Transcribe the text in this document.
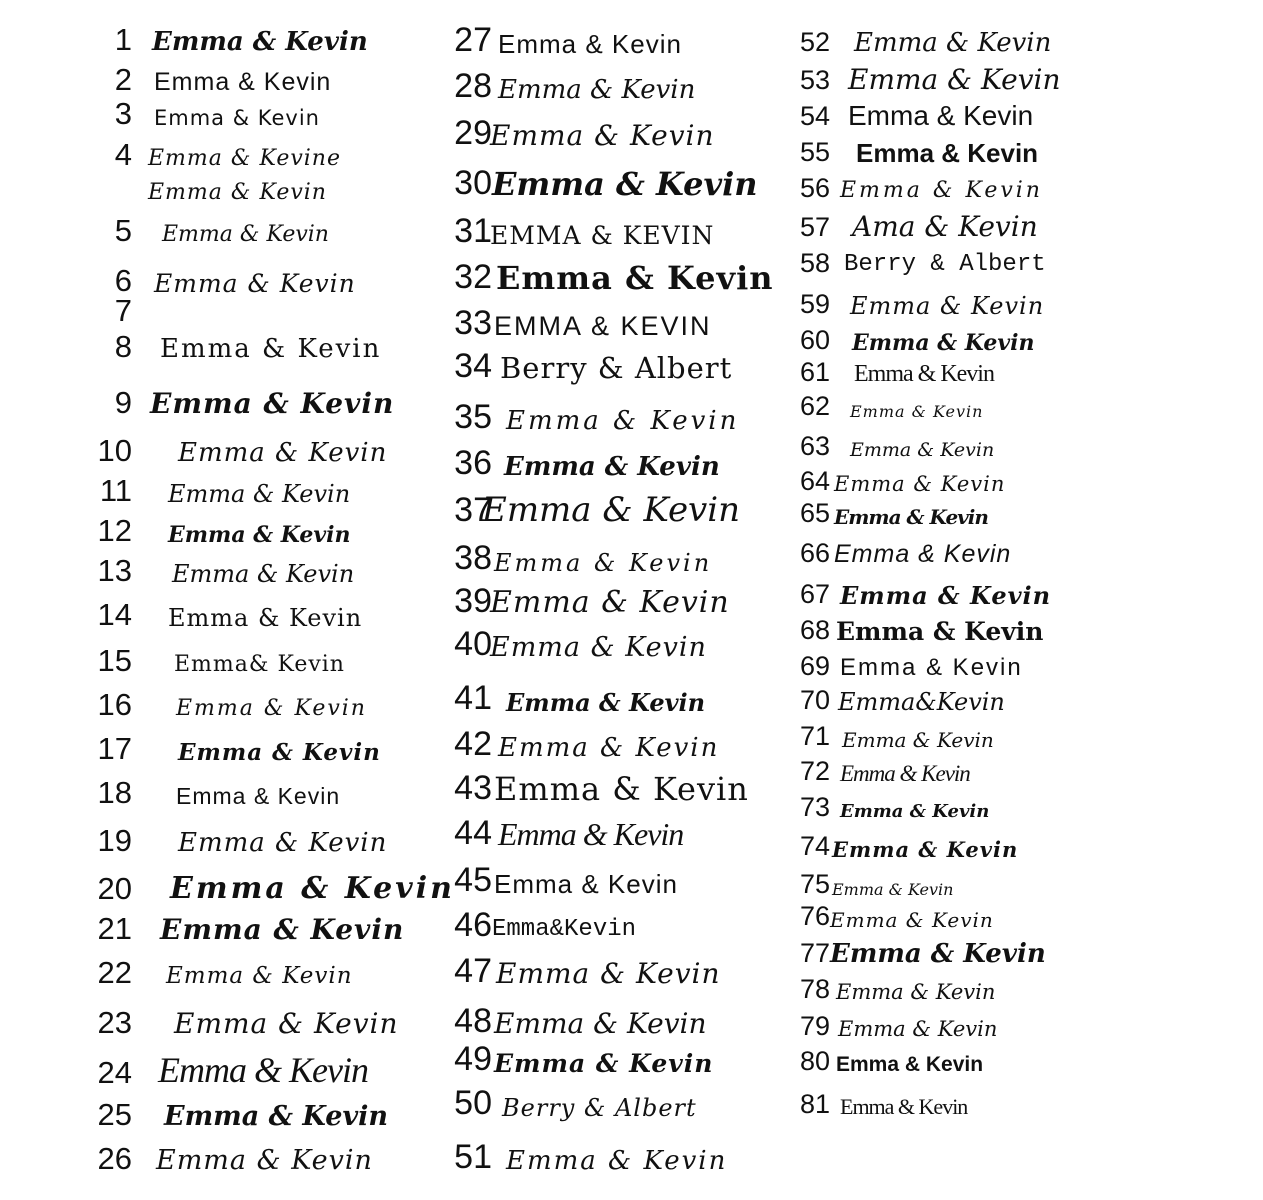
1 Emma & Kevin
2 Emma & Kevin
3 Emma & Kevin
4 Emma & Kevine
Emma & Kevin
5 Emma & Kevin
6 Emma & Kevin
7
8 Emma & Kevin
9 Emma & Kevin
10 Emma & Kevin
11 Emma & Kevin
12 Emma & Kevin
13 Emma & Kevin
14 Emma & Kevin
15 Emma& Kevin
16 Emma & Kevin
17 Emma & Kevin
18 Emma & Kevin
19 Emma & Kevin
20 Emma & Kevin
21 Emma & Kevin
22 Emma & Kevin
23 Emma & Kevin
24 Emma & Kevin
25 Emma & Kevin
26 Emma & Kevin
27 Emma & Kevin
28 Emma & Kevin
29
Emma & Kevin
30 Emma & Kevin
31
EMMA & KEVIN
32 Emma & Kevin
33 EMMA & KEVIN
34 Berry & Albert
35 Emma & Kevin
36 Emma & Kevin
37
Emma & Kevin
38 Emma & Kevin
39
Emma & Kevin
40
Emma & Kevin
41 Emma & Kevin
42 Emma & Kevin
43 Emma & Kevin
44 Emma & Kevin
45 Emma & Kevin
46 Emma&Kevin
47 Emma & Kevin
48 Emma & Kevin
49 Emma & Kevin
50 Berry & Albert
51 Emma & Kevin
52 Emma & Kevin
53 Emma & Kevin
54 Emma & Kevin
55 Emma & Kevin
56 Emma & Kevin
57 Ama & Kevin
58 Berry & Albert
59 Emma & Kevin
60 Emma & Kevin
61 Emma & Kevin
62 Emma & Kevin
63 Emma & Kevin
64 Emma & Kevin
65 Emma & Kevin
66 Emma & Kevin
67 Emma & Kevin
68 Emma & Kevin
69 Emma & Kevin
70 Emma&Kevin
71 Emma & Kevin
72 Emma & Kevin
73 Emma & Kevin
74 Emma & Kevin
75 Emma & Kevin
76 Emma & Kevin
77 Emma & Kevin
78 Emma & Kevin
79 Emma & Kevin
80 Emma & Kevin
81 Emma & Kevin
